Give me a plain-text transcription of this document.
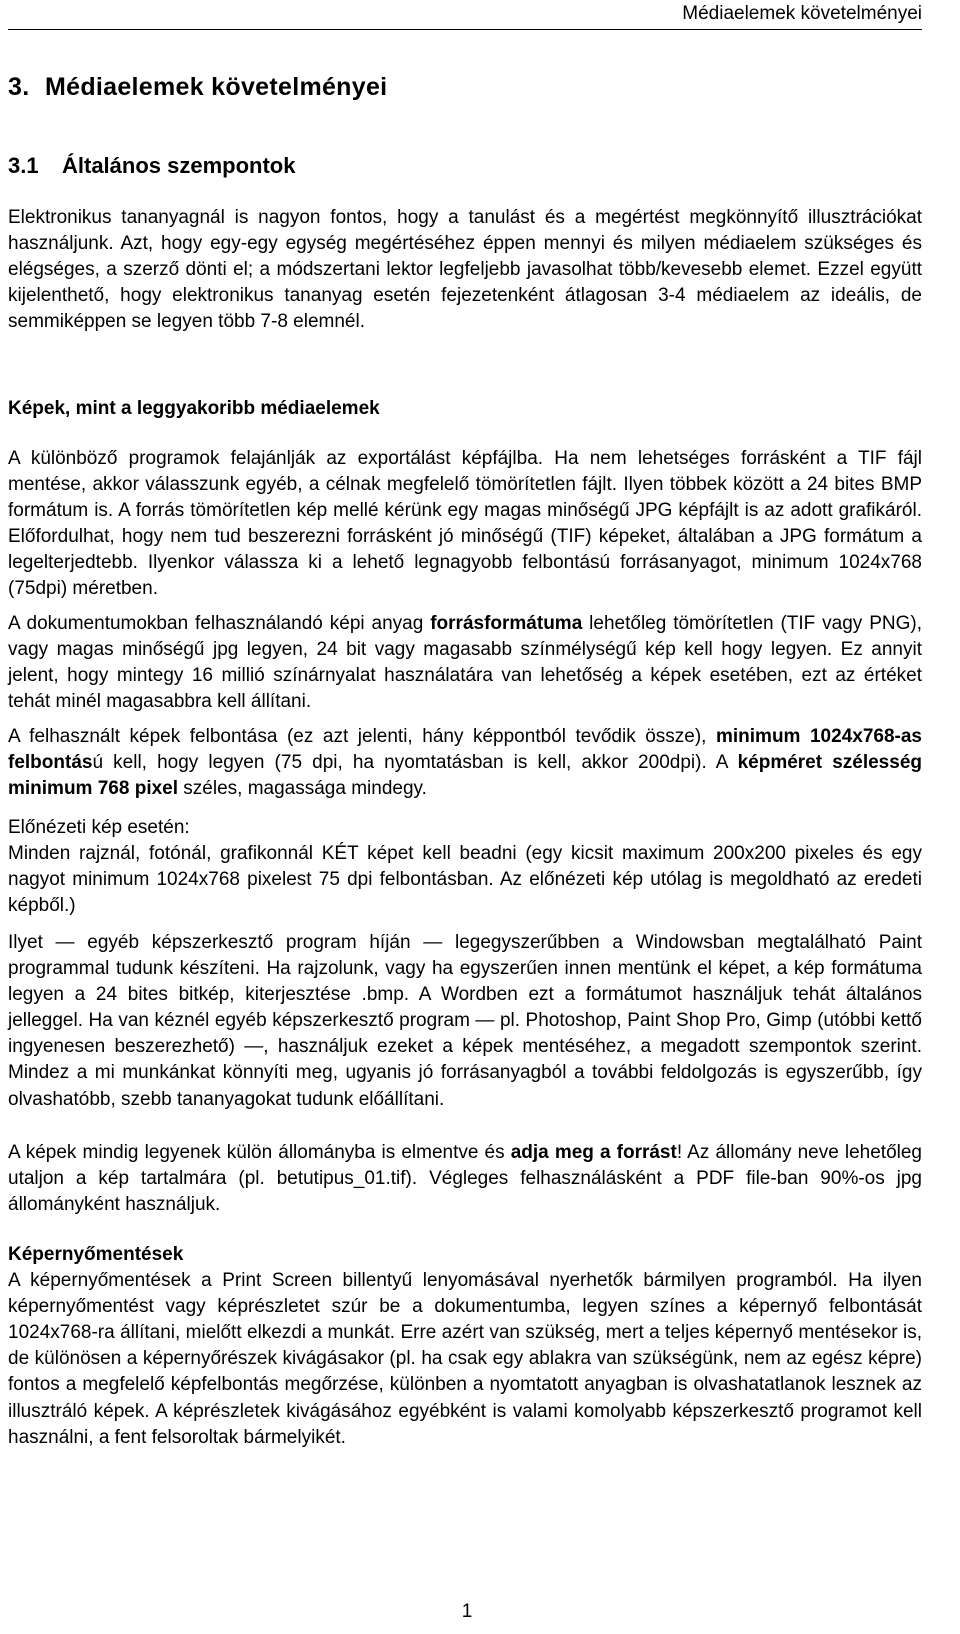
Médiaelemek követelményei
3. Médiaelemek követelményei
3.1 Általános szempontok

Elektronikus tananyagnál is nagyon fontos, hogy a tanulást és a megértést megkönnyítő illusztrációkat használjunk. Azt, hogy egy-egy egység megértéséhez éppen mennyi és milyen médiaelem szükséges és elégséges, a szerző dönti el; a módszertani lektor legfeljebb javasolhat több/kevesebb elemet. Ezzel együtt kijelenthető, hogy elektronikus tananyag esetén fejezetenként átlagosan 3-4 médiaelem az ideális, de semmiképpen se legyen több 7-8 elemnél.

Képek, mint a leggyakoribb médiaelemek

A különböző programok felajánlják az exportálást képfájlba. Ha nem lehetséges forrásként a TIF fájl mentése, akkor válasszunk egyéb, a célnak megfelelő tömörítetlen fájlt. Ilyen többek között a 24 bites BMP formátum is. A forrás tömörítetlen kép mellé kérünk egy magas minőségű JPG képfájlt is az adott grafikáról. Előfordulhat, hogy nem tud beszerezni forrásként jó minőségű (TIF) képeket, általában a JPG formátum a legelterjedtebb. Ilyenkor válassza ki a lehető legnagyobb felbontású forrásanyagot, minimum 1024x768 (75dpi) méretben.

A dokumentumokban felhasználandó képi anyag forrásformátuma lehetőleg tömörítetlen (TIF vagy PNG), vagy magas minőségű jpg legyen, 24 bit vagy magasabb színmélységű kép kell hogy legyen. Ez annyit jelent, hogy mintegy 16 millió színárnyalat használatára van lehetőség a képek esetében, ezt az értéket tehát minél magasabbra kell állítani.

A felhasznált képek felbontása (ez azt jelenti, hány képpontból tevődik össze), minimum 1024x768-as felbontású kell, hogy legyen (75 dpi, ha nyomtatásban is kell, akkor 200dpi). A képméret szélesség minimum 768 pixel széles, magassága mindegy.

Előnézeti kép esetén:

Minden rajznál, fotónál, grafikonnál KÉT képet kell beadni (egy kicsit maximum 200x200 pixeles és egy nagyot minimum 1024x768 pixelest 75 dpi felbontásban. Az előnézeti kép utólag is megoldható az eredeti képből.)

Ilyet — egyéb képszerkesztő program híján — legegyszerűbben a Windowsban megtalálható Paint programmal tudunk készíteni. Ha rajzolunk, vagy ha egyszerűen innen mentünk el képet, a kép formátuma legyen a 24 bites bitkép, kiterjesztése .bmp. A Wordben ezt a formátumot használjuk tehát általános jelleggel. Ha van kéznél egyéb képszerkesztő program — pl. Photoshop, Paint Shop Pro, Gimp (utóbbi kettő ingyenesen beszerezhető) —, használjuk ezeket a képek mentéséhez, a megadott szempontok szerint. Mindez a mi munkánkat könnyíti meg, ugyanis jó forrásanyagból a további feldolgozás is egyszerűbb, így olvashatóbb, szebb tananyagokat tudunk előállítani.

A képek mindig legyenek külön állományba is elmentve és adja meg a forrást! Az állomány neve lehetőleg utaljon a kép tartalmára (pl. betutipus_01.tif). Végleges felhasználásként a PDF file-ban 90%-os jpg állományként használjuk.

Képernyőmentések

A képernyőmentések a Print Screen billentyű lenyomásával nyerhetők bármilyen programból. Ha ilyen képernyőmentést vagy képrészletet szúr be a dokumentumba, legyen színes a képernyő felbontását 1024x768-ra állítani, mielőtt elkezdi a munkát. Erre azért van szükség, mert a teljes képernyő mentésekor is, de különösen a képernyőrészek kivágásakor (pl. ha csak egy ablakra van szükségünk, nem az egész képre) fontos a megfelelő képfelbontás megőrzése, különben a nyomtatott anyagban is olvashatatlanok lesznek az illusztráló képek. A képrészletek kivágásához egyébként is valami komolyabb képszerkesztő programot kell használni, a fent felsoroltak bármelyikét.

1
